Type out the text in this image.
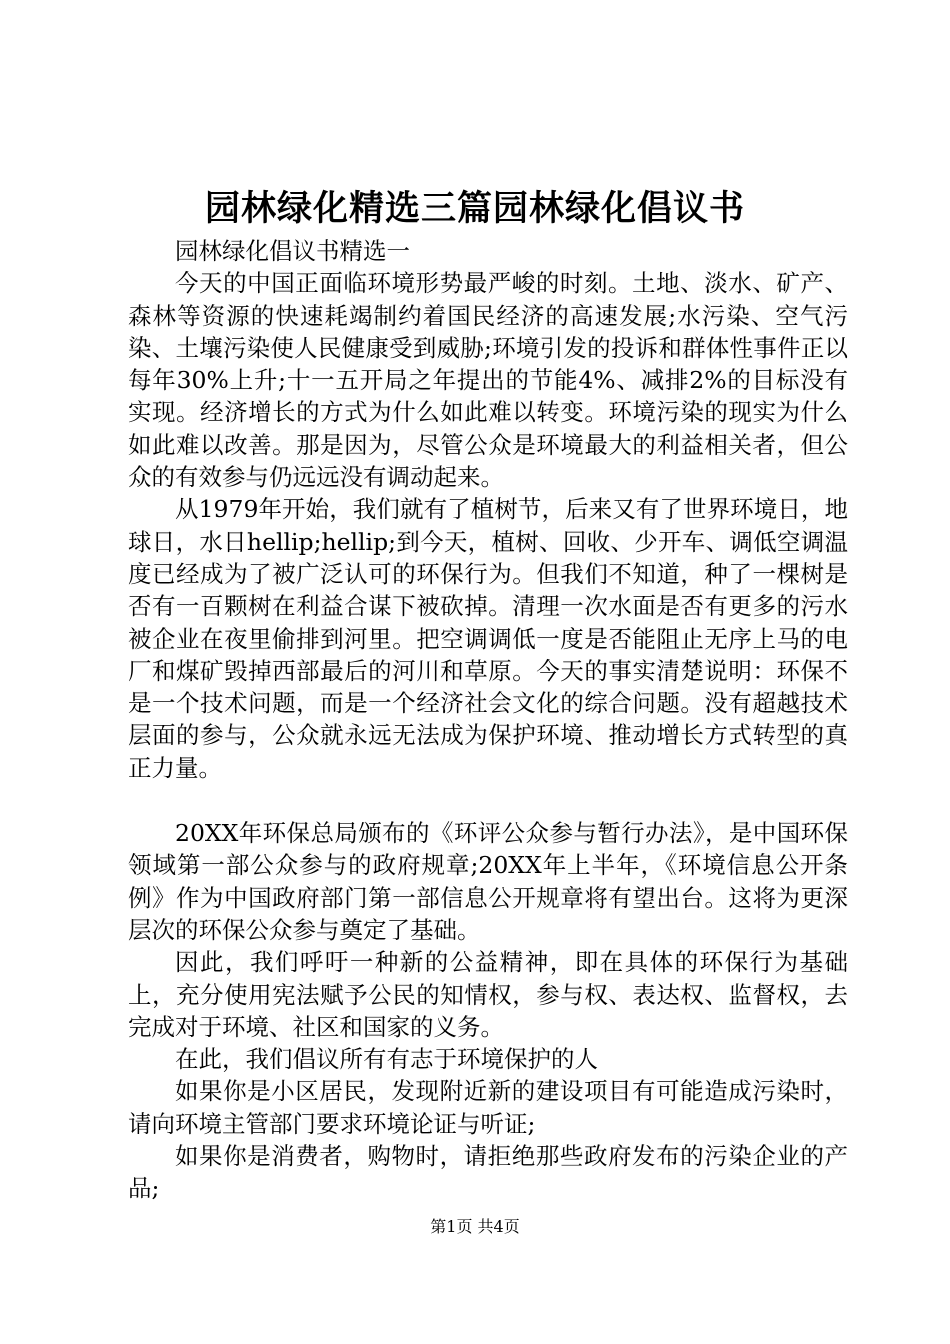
园林绿化精选三篇园林绿化倡议书

园林绿化倡议书精选一

今天的中国正面临环境形势最严峻的时刻。土地、淡水、矿产、森林等资源的快速耗竭制约着国民经济的高速发展;水污染、空气污染、土壤污染使人民健康受到威胁;环境引发的投诉和群体性事件正以每年30%上升;十一五开局之年提出的节能4%、减排2%的目标没有实现。经济增长的方式为什么如此难以转变。环境污染的现实为什么如此难以改善。那是因为，尽管公众是环境最大的利益相关者，但公众的有效参与仍远远没有调动起来。

从1979年开始，我们就有了植树节，后来又有了世界环境日，地球日，水日hellip;hellip;到今天，植树、回收、少开车、调低空调温度已经成为了被广泛认可的环保行为。但我们不知道，种了一棵树是否有一百颗树在利益合谋下被砍掉。清理一次水面是否有更多的污水被企业在夜里偷排到河里。把空调调低一度是否能阻止无序上马的电厂和煤矿毁掉西部最后的河川和草原。今天的事实清楚说明：环保不是一个技术问题，而是一个经济社会文化的综合问题。没有超越技术层面的参与，公众就永远无法成为保护环境、推动增长方式转型的真正力量。

20XX年环保总局颁布的《环评公众参与暂行办法》，是中国环保领域第一部公众参与的政府规章;20XX年上半年，《环境信息公开条例》作为中国政府部门第一部信息公开规章将有望出台。这将为更深层次的环保公众参与奠定了基础。

因此，我们呼吁一种新的公益精神，即在具体的环保行为基础上，充分使用宪法赋予公民的知情权，参与权、表达权、监督权，去完成对于环境、社区和国家的义务。

在此，我们倡议所有有志于环境保护的人

如果你是小区居民，发现附近新的建设项目有可能造成污染时，请向环境主管部门要求环境论证与听证;

如果你是消费者，购物时，请拒绝那些政府发布的污染企业的产品;

第1页 共4页
